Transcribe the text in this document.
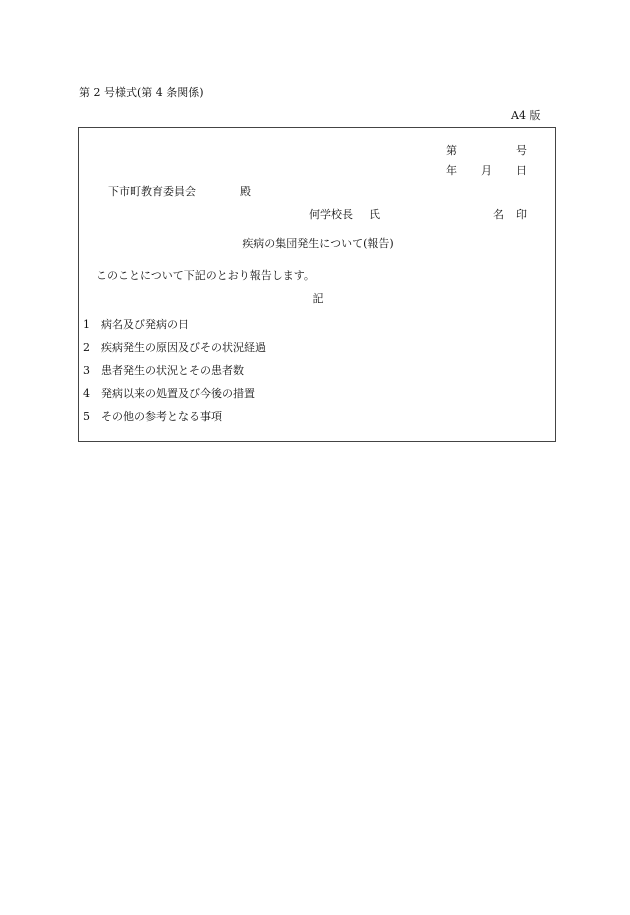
第 2 号様式(第 4 条関係)
A4 版
第	号
年 月 日
下市町教育委員会	殿
何学校長 氏	名 印
疾病の集団発生について(報告)
このことについて下記のとおり報告します。
記
1	病名及び発病の日
2	疾病発生の原因及びその状況経過
3	患者発生の状況とその患者数
4	発病以来の処置及び今後の措置
5	その他の参考となる事項
